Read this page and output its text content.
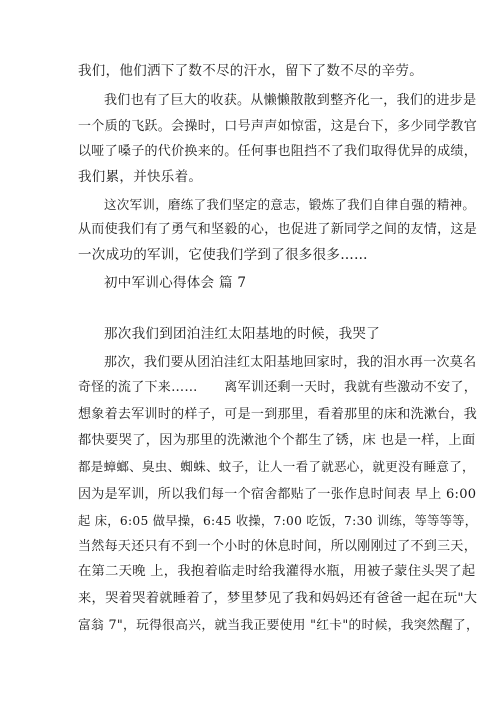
我们，他们洒下了数不尽的汗水，留下了数不尽的辛劳。
我们也有了巨大的收获。从懒懒散散到整齐化一，我们的进步是
一个质的飞跃。会操时，口号声声如惊雷，这是台下，多少同学教官
以哑了嗓子的代价换来的。任何事也阻挡不了我们取得优异的成绩，
我们累，并快乐着。
这次军训，磨练了我们坚定的意志，锻炼了我们自律自强的精神。
从而使我们有了勇气和坚毅的心，也促进了新同学之间的友情，这是
一次成功的军训，它使我们学到了很多很多……
初中军训心得体会 篇 7
那次我们到团泊洼红太阳基地的时候，我哭了
那次，我们要从团泊洼红太阳基地回家时，我的泪水再一次莫名
奇怪的流了下来……　　离军训还剩一天时，我就有些激动不安了，
想象着去军训时的样子，可是一到那里，看着那里的床和洗漱台，我
都快要哭了，因为那里的洗漱池个个都生了锈，床 也是一样，上面
都是蟑螂、臭虫、蜘蛛、蚊子，让人一看了就恶心，就更没有睡意了，
因为是军训，所以我们每一个宿舍都贴了一张作息时间表 早上 6:00
起 床，6:05 做早操，6:45 收操，7:00 吃饭，7:30 训练，等等等等，
当然每天还只有不到一个小时的休息时间，所以刚刚过了不到三天，
在第二天晚 上，我抱着临走时给我灌得水瓶，用被子蒙住头哭了起
来，哭着哭着就睡着了，梦里梦见了我和妈妈还有爸爸一起在玩"大
富翁 7"，玩得很高兴，就当我正要使用 "红卡"的时候，我突然醒了，
